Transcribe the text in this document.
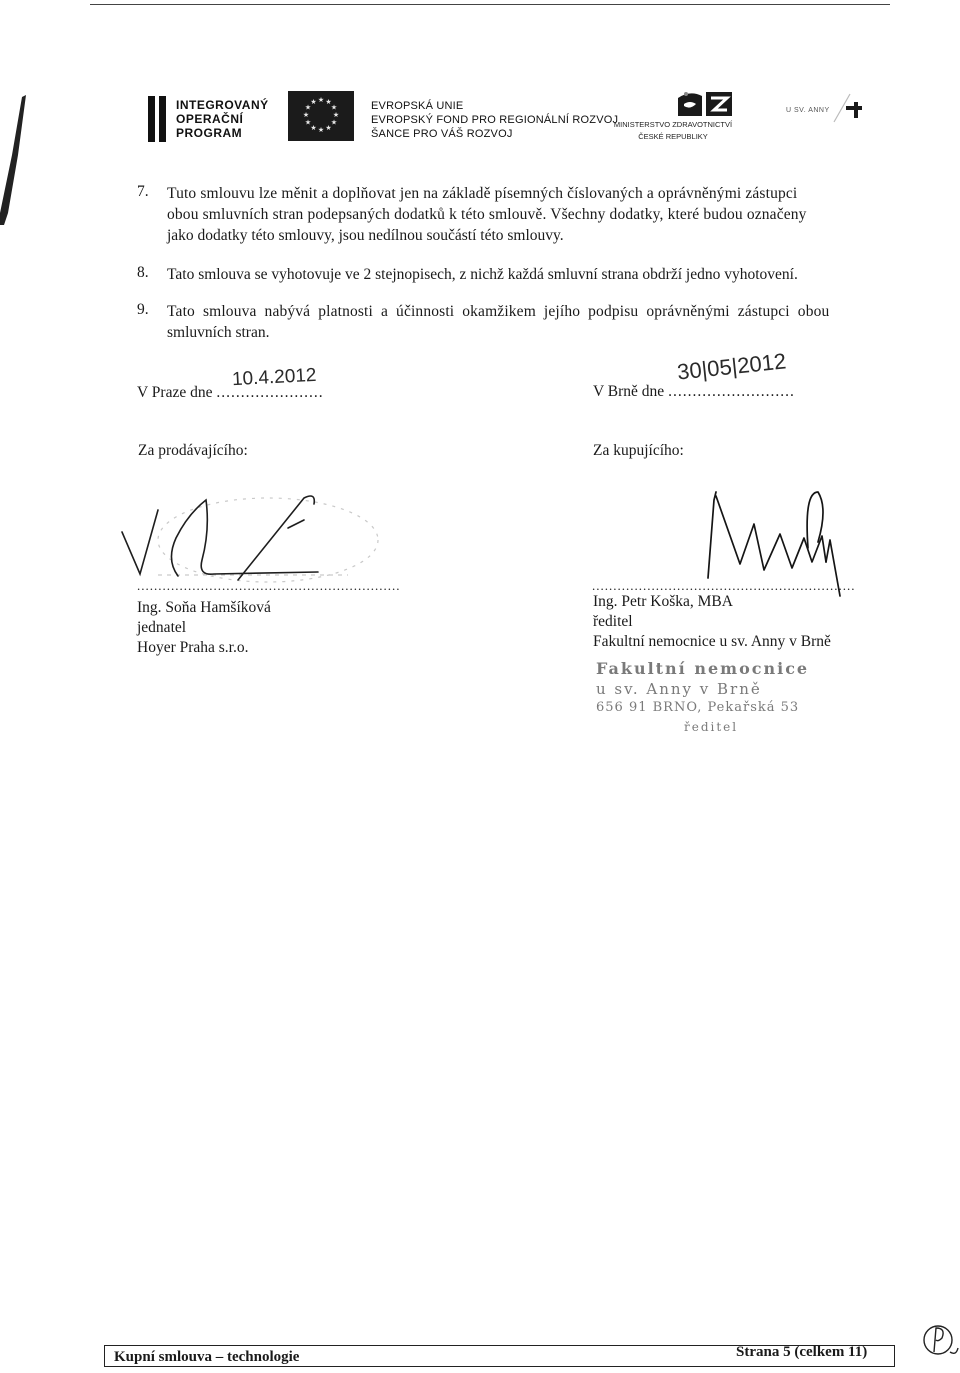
INTEGROVANÝ
OPERAČNÍ
PROGRAM
★ ★
★
★
★
★
★
★
★
★
★
★	EVROPSKÁ UNIE
EVROPSKÝ FOND PRO REGIONÁLNÍ ROZVOJ
ŠANCE PRO VÁŠ ROZVOJ
MINISTERSTVO ZDRAVOTNICTVÍ
ČESKÉ REPUBLIKY
U SV. ANNY
7. Tuto smlouvu lze měnit a doplňovat jen na základě písemných číslovaných a oprávněnými zástupci
obou smluvních stran podepsaných dodatků k této smlouvě. Všechny dodatky, které budou označeny
jako dodatky této smlouvy, jsou nedílnou součástí této smlouvy.
8. Tato smlouva se vyhotovuje ve 2 stejnopisech, z nichž každá smluvní strana obdrží jedno vyhotovení.
9. Tato smlouva nabývá platnosti a účinnosti okamžikem jejího podpisu oprávněnými zástupci obou
smluvních stran.
V Praze dne ......................
10.4.2012
V Brně dne ..........................
30|05|2012
Za prodávajícího:	Za kupujícího:
..............................................................
Ing. Soňa Hamšíková
jednatel
Hoyer Praha s.r.o.
..............................................................
Ing. Petr Koška, MBA
ředitel
Fakultní nemocnice u sv. Anny v Brně
Fakultní nemocnice
u sv. Anny v Brně
656 91 BRNO, Pekařská 53
ředitel
Kupní smlouva – technologie	Strana 5 (celkem 11)
